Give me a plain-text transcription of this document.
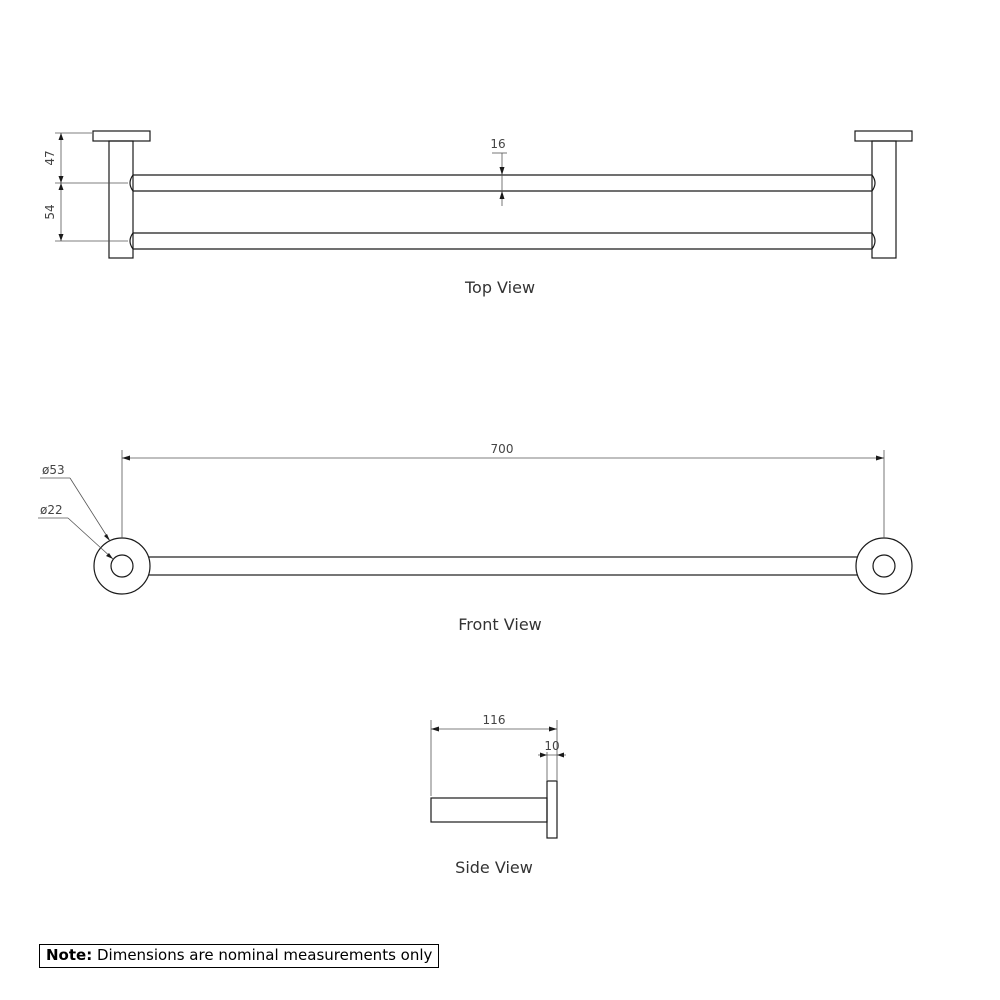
47
54
16
Top View
700
ø53
ø22
Front View
116
10
Side View
Note: Dimensions are nominal measurements only
